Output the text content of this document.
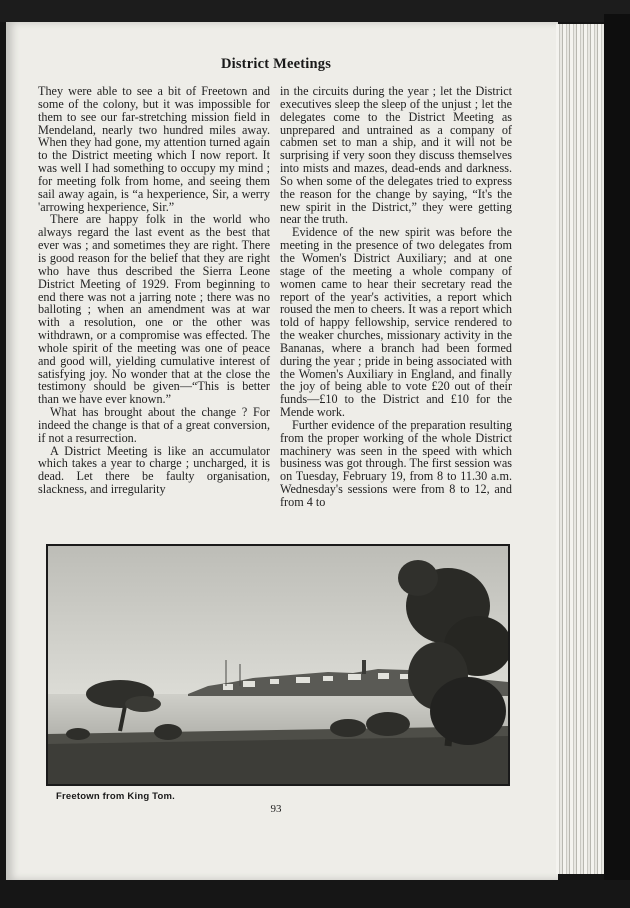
District Meetings

They were able to see a bit of Freetown and some of the colony, but it was impossible for them to see our far-stretching mission field in Mendeland, nearly two hundred miles away. When they had gone, my attention turned again to the District meeting which I now report. It was well I had something to occupy my mind ; for meeting folk from home, and seeing them sail away again, is “a hexperience, Sir, a werry 'arrowing hexperience, Sir.”

There are happy folk in the world who always regard the last event as the best that ever was ; and sometimes they are right. There is good reason for the belief that they are right who have thus described the Sierra Leone District Meeting of 1929. From beginning to end there was not a jarring note ; there was no balloting ; when an amendment was at war with a resolution, one or the other was withdrawn, or a compromise was effected. The whole spirit of the meeting was one of peace and good will, yielding cumulative interest of satisfying joy. No wonder that at the close the testimony should be given—“This is better than we have ever known.”

What has brought about the change ? For indeed the change is that of a great conversion, if not a resurrection.

A District Meeting is like an accumulator which takes a year to charge ; uncharged, it is dead. Let there be faulty organisation, slackness, and irregularity

in the circuits during the year ; let the District executives sleep the sleep of the unjust ; let the delegates come to the District Meeting as unprepared and untrained as a company of cabmen set to man a ship, and it will not be surprising if very soon they discuss themselves into mists and mazes, dead-ends and darkness. So when some of the delegates tried to express the reason for the change by saying, “It's the new spirit in the District,” they were getting near the truth.

Evidence of the new spirit was before the meeting in the presence of two delegates from the Women's District Auxiliary; and at one stage of the meeting a whole company of women came to hear their secretary read the report of the year's activities, a report which roused the men to cheers. It was a report which told of happy fellowship, service rendered to the weaker churches, missionary activity in the Bananas, where a branch had been formed during the year ; pride in being associated with the Women's Auxiliary in England, and finally the joy of being able to vote £20 out of their funds—£10 to the District and £10 for the Mende work.

Further evidence of the preparation resulting from the proper working of the whole District machinery was seen in the speed with which business was got through. The first session was on Tuesday, February 19, from 8 to 11.30 a.m. Wednesday's sessions were from 8 to 12, and from 4 to

Freetown from King Tom.
93
